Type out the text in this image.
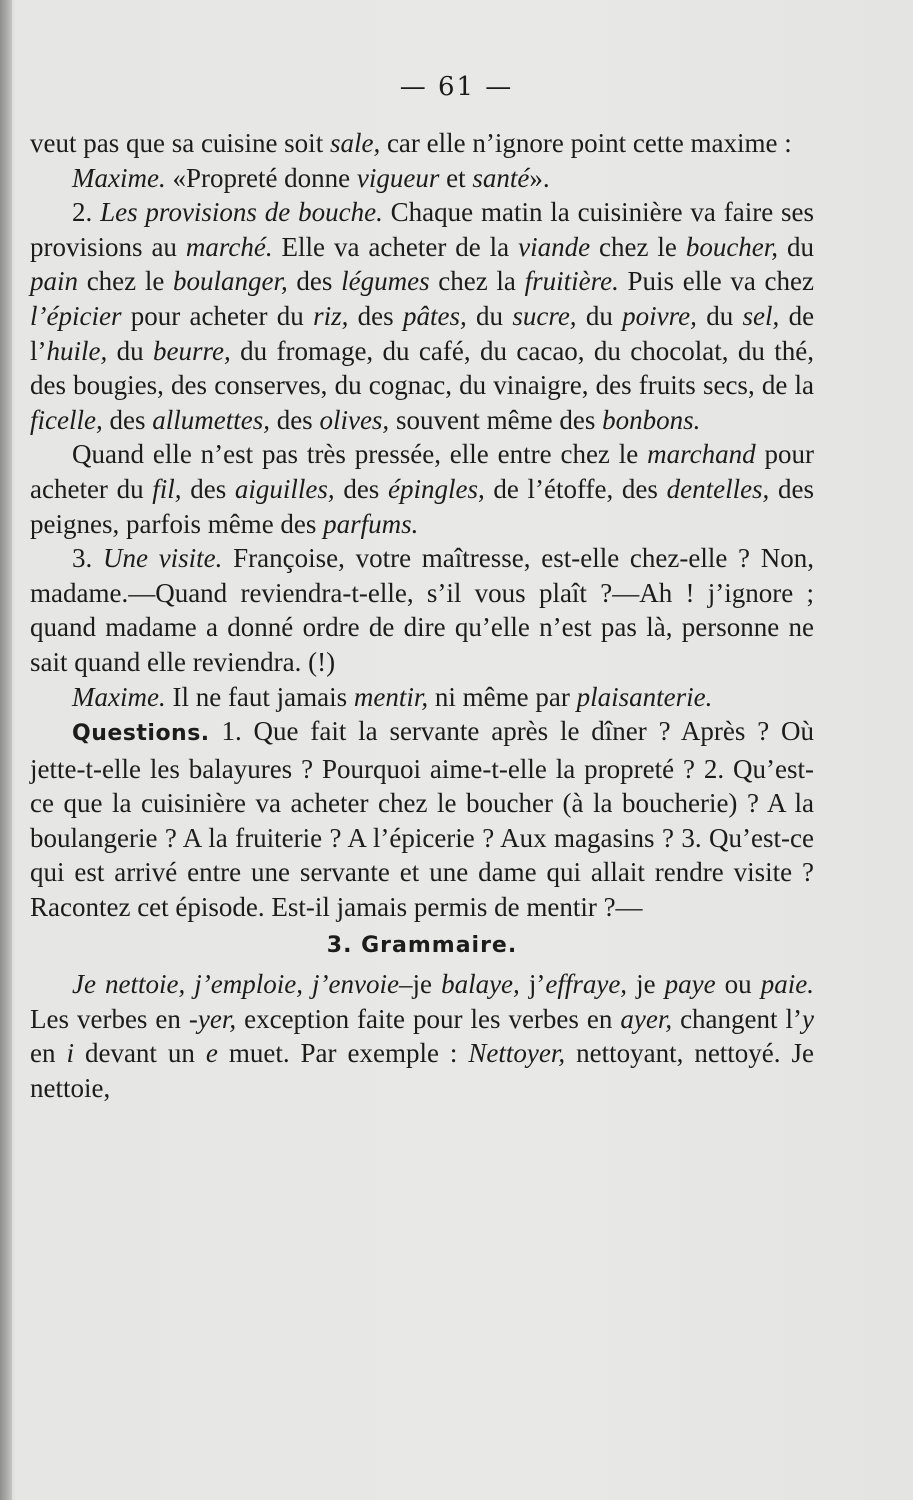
— 61 —

veut pas que sa cuisine soit sale, car elle n’ignore point cette maxime :

Maxime. «Propreté donne vigueur et santé».

2. Les provisions de bouche. Chaque matin la cuisinière va faire ses provisions au marché. Elle va acheter de la viande chez le boucher, du pain chez le boulanger, des légumes chez la fruitière. Puis elle va chez l’épicier pour acheter du riz, des pâtes, du sucre, du poivre, du sel, de l’huile, du beurre, du fromage, du café, du cacao, du chocolat, du thé, des bougies, des conserves, du cognac, du vinaigre, des fruits secs, de la ficelle, des allumettes, des olives, souvent même des bonbons.

Quand elle n’est pas très pressée, elle entre chez le marchand pour acheter du fil, des aiguilles, des épingles, de l’étoffe, des dentelles, des peignes, parfois même des parfums.

3. Une visite. Françoise, votre maîtresse, est-elle chez-elle ? Non, madame.—Quand reviendra-t-elle, s’il vous plaît ?—Ah ! j’ignore ; quand madame a donné ordre de dire qu’elle n’est pas là, personne ne sait quand elle reviendra. (!)

Maxime. Il ne faut jamais mentir, ni même par plaisanterie.

Questions. 1. Que fait la servante après le dîner ? Après ? Où jette-t-elle les balayures ? Pourquoi aime-t-elle la propreté ? 2. Qu’est-ce que la cuisinière va acheter chez le boucher (à la boucherie) ? A la boulangerie ? A la fruiterie ? A l’épicerie ? Aux magasins ? 3. Qu’est-ce qui est arrivé entre une servante et une dame qui allait rendre visite ? Racontez cet épisode. Est-il jamais permis de mentir ?—

3. Grammaire.

Je nettoie, j’emploie, j’envoie–je balaye, j’effraye, je paye ou paie. Les verbes en -yer, exception faite pour les verbes en ayer, changent l’y en i devant un e muet. Par exemple : Nettoyer, nettoyant, nettoyé. Je nettoie,
